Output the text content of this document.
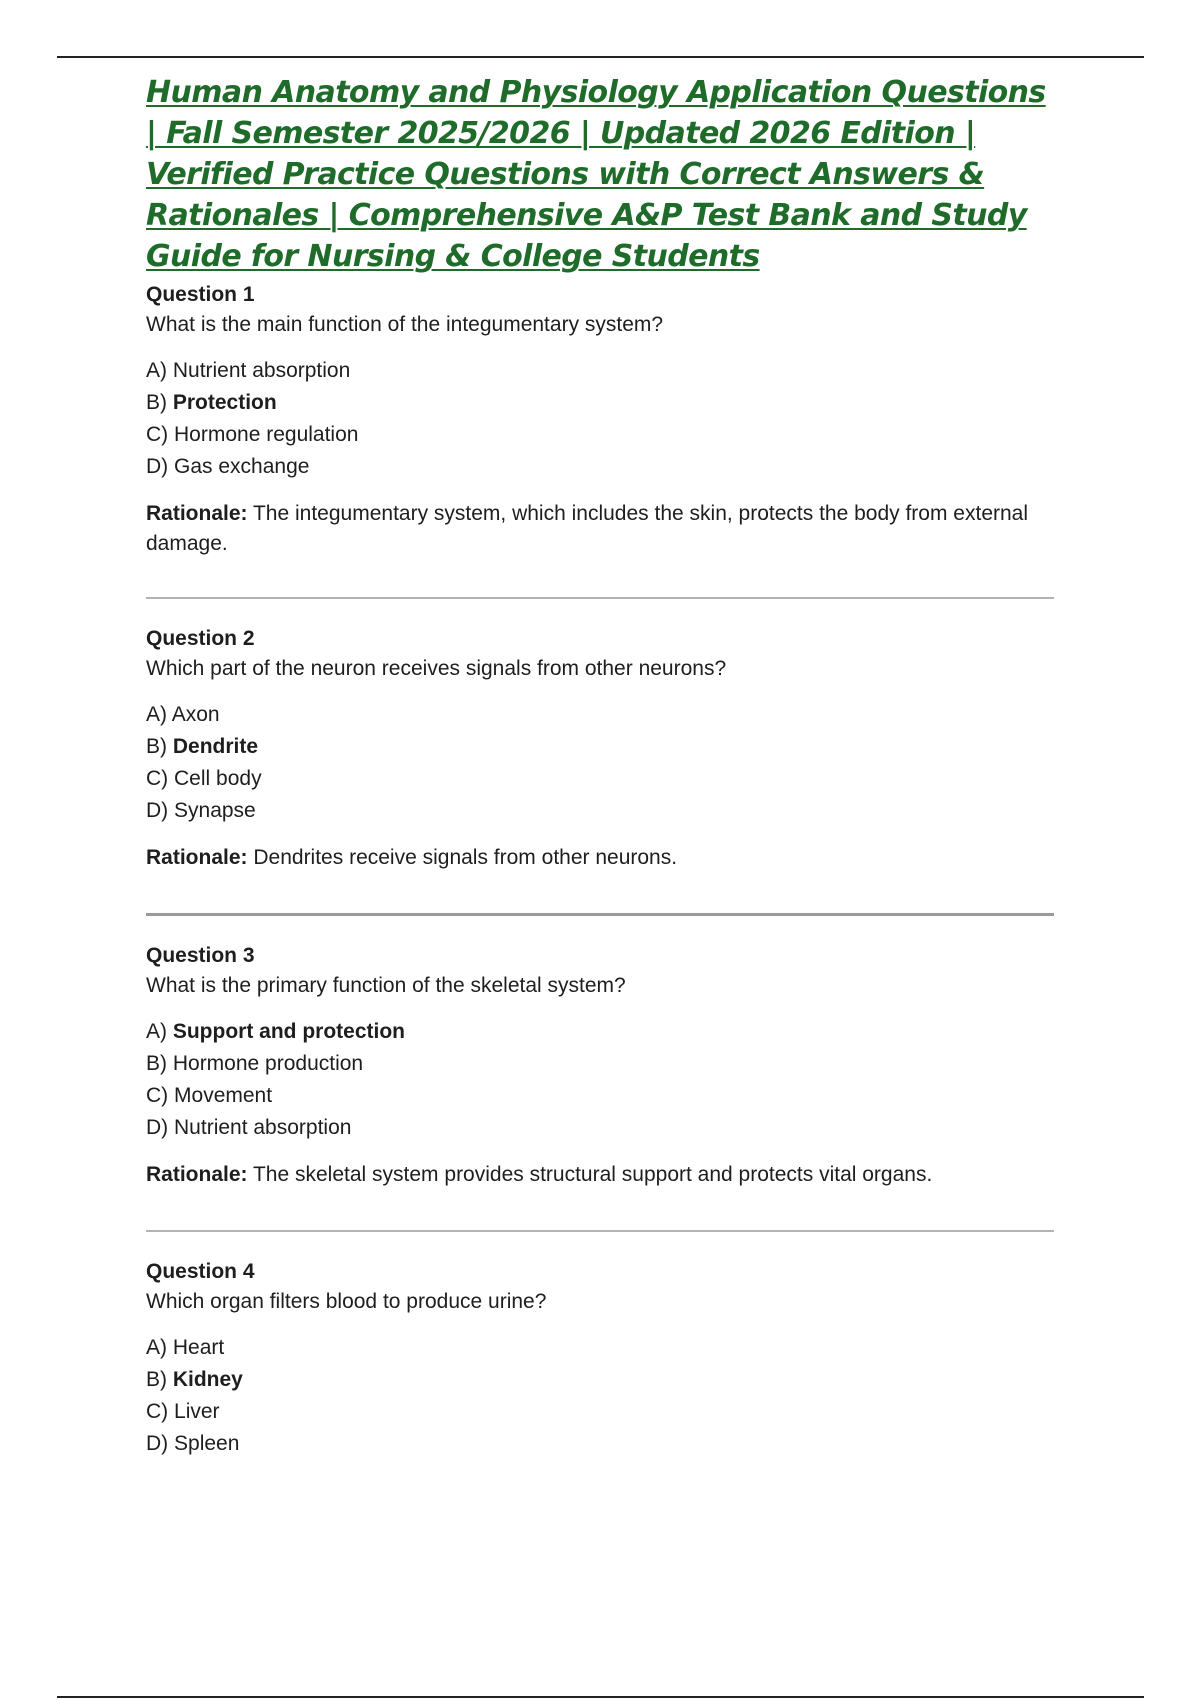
Human Anatomy and Physiology Application Questions | Fall Semester 2025/2026 | Updated 2026 Edition | Verified Practice Questions with Correct Answers & Rationales | Comprehensive A&P Test Bank and Study Guide for Nursing & College Students

Question 1

What is the main function of the integumentary system?

A) Nutrient absorption
B) Protection
C) Hormone regulation
D) Gas exchange

Rationale: The integumentary system, which includes the skin, protects the body from external damage.

Question 2

Which part of the neuron receives signals from other neurons?

A) Axon
B) Dendrite
C) Cell body
D) Synapse

Rationale: Dendrites receive signals from other neurons.

Question 3

What is the primary function of the skeletal system?

A) Support and protection
B) Hormone production
C) Movement
D) Nutrient absorption

Rationale: The skeletal system provides structural support and protects vital organs.

Question 4

Which organ filters blood to produce urine?

A) Heart
B) Kidney
C) Liver
D) Spleen
